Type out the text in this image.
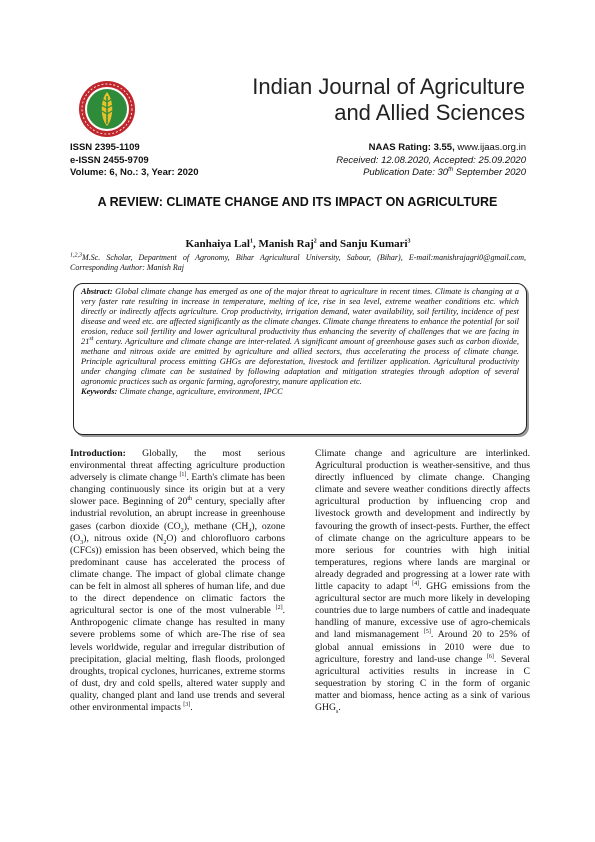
Indian Journal of Agriculture
and Allied Sciences
ISSN 2395-1109
e-ISSN 2455-9709
Volume: 6, No.: 3, Year: 2020
NAAS Rating: 3.55, www.ijaas.org.in
Received: 12.08.2020, Accepted: 25.09.2020
Publication Date: 30th September 2020
A REVIEW: CLIMATE CHANGE AND ITS IMPACT ON AGRICULTURE
Kanhaiya Lal$^1$, Manish Raj$^2$ and Sanju Kumari$^3$
$^{1,2,3}$M.Sc. Scholar, Department of Agronomy, Bihar Agricultural University, Sabour, (Bihar), E-mail:manishrajagri0@gmail.com, Corresponding Author: Manish Raj
Abstract: Global climate change has emerged as one of the major threat to agriculture in recent times. Climate is changing at a very faster rate resulting in increase in temperature, melting of ice, rise in sea level, extreme weather conditions etc. which directly or indirectly affects agriculture. Crop productivity, irrigation demand, water availability, soil fertility, incidence of pest disease and weed etc. are affected significantly as the climate changes. Climate change threatens to enhance the potential for soil erosion, reduce soil fertility and lower agricultural productivity thus enhancing the severity of challenges that we are facing in 21st century. Agriculture and climate change are inter-related. A significant amount of greenhouse gases such as carbon dioxide, methane and nitrous oxide are emitted by agriculture and allied sectors, thus accelerating the process of climate change. Principle agricultural process emitting GHGs are deforestation, livestock and fertilizer application. Agricultural productivity under changing climate can be sustained by following adaptation and mitigation strategies through adoption of several agronomic practices such as organic farming, agroforestry, manure application etc.
Keywords: Climate change, agriculture, environment, IPCC
Introduction: Globally, the most serious environmental threat affecting agriculture production adversely is climate change [1]. Earth's climate has been changing continuously since its origin but at a very slower pace. Beginning of 20th century, specially after industrial revolution, an abrupt increase in greenhouse gases (carbon dioxide $(CO_2)$, methane $(CH_4)$, ozone $(O_3)$, nitrous oxide $(N_2O)$ and chlorofluoro carbons (CFCs)) emission has been observed, which being the predominant cause has accelerated the process of climate change. The impact of global climate change can be felt in almost all spheres of human life, and due to the direct dependence on climatic factors the agricultural sector is one of the most vulnerable [2]. Anthropogenic climate change has resulted in many severe problems some of which are-The rise of sea levels worldwide, regular and irregular distribution of precipitation, glacial melting, flash floods, prolonged droughts, tropical cyclones, hurricanes, extreme storms of dust, dry and cold spells, altered water supply and quality, changed plant and land use trends and several other environmental impacts [3].
Climate change and agriculture are interlinked. Agricultural production is weather-sensitive, and thus directly influenced by climate change. Changing climate and severe weather conditions directly affects agricultural production by influencing crop and livestock growth and development and indirectly by favouring the growth of insect-pests. Further, the effect of climate change on the agriculture appears to be more serious for countries with high initial temperatures, regions where lands are marginal or already degraded and progressing at a lower rate with little capacity to adapt [4]. GHG emissions from the agricultural sector are much more likely in developing countries due to large numbers of cattle and inadequate handling of manure, excessive use of agro-chemicals and land mismanagement [5]. Around 20 to 25% of global annual emissions in 2010 were due to agriculture, forestry and land-use change [6]. Several agricultural activities results in increase in C sequestration by storing C in the form of organic matter and biomass, hence acting as a sink of various $GHG_s$.
